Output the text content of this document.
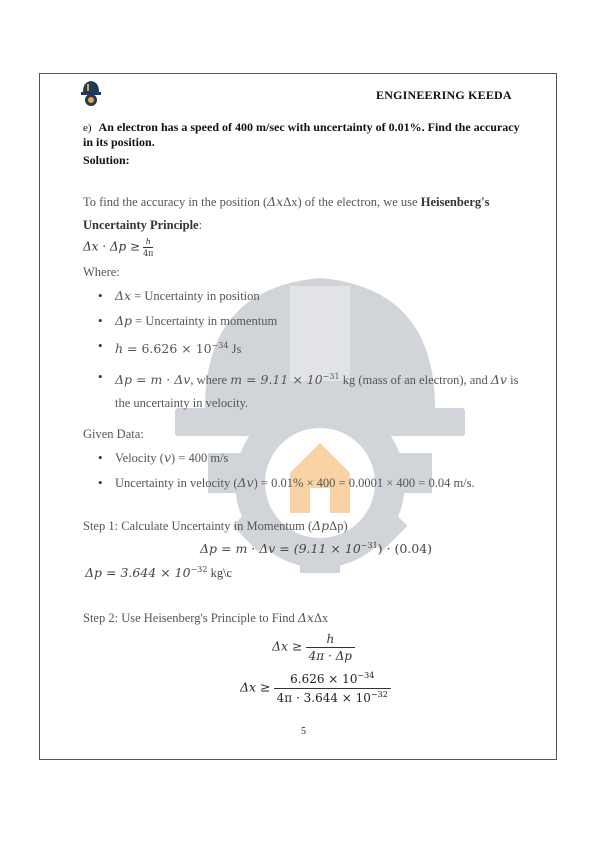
ENGINEERING KEEDA
e) An electron has a speed of 400 m/sec with uncertainty of 0.01%. Find the accuracy in its position.
Solution:
To find the accuracy in the position (Δ𝑥Δx) of the electron, we use Heisenberg's Uncertainty Principle:
Δ𝑥 · Δ𝑝 ≥ $\frac{\text{ℎ}}{4\pi}$
Where:
• Δ𝑥 = Uncertainty in position
• Δ𝑝 = Uncertainty in momentum
• ℎ = $6.626 \times 10^{-34}$ Js
• Δ𝑝 = 𝑚 · Δ𝑣, where 𝑚 = $9.11 \times 10^{-31}$ kg (mass of an electron), and Δ𝑣 is the uncertainty in velocity.
Given Data:
• Velocity (𝑣) = 400 m/s
• Uncertainty in velocity (Δ𝑣) = 0.01% × 400 = 0.0001 × 400 = 0.04 m/s.
Step 1: Calculate Uncertainty in Momentum (Δ𝑝Δp)
Δ𝑝 = 𝑚 · Δ𝑣 = $(9.11 \times 10^{-31}) \cdot (0.04)$
Δ𝑝 = $3.644 \times 10^{-32}$ kg\c
Step 2: Use Heisenberg's Principle to Find Δ𝑥Δx
Δ𝑥 ≥	ℎ
4π · Δ𝑝
Δ𝑥 ≥ $\frac{6.626 \times 10^{-34}}{4\pi \cdot 3.644 \times 10^{-32}}$
5
